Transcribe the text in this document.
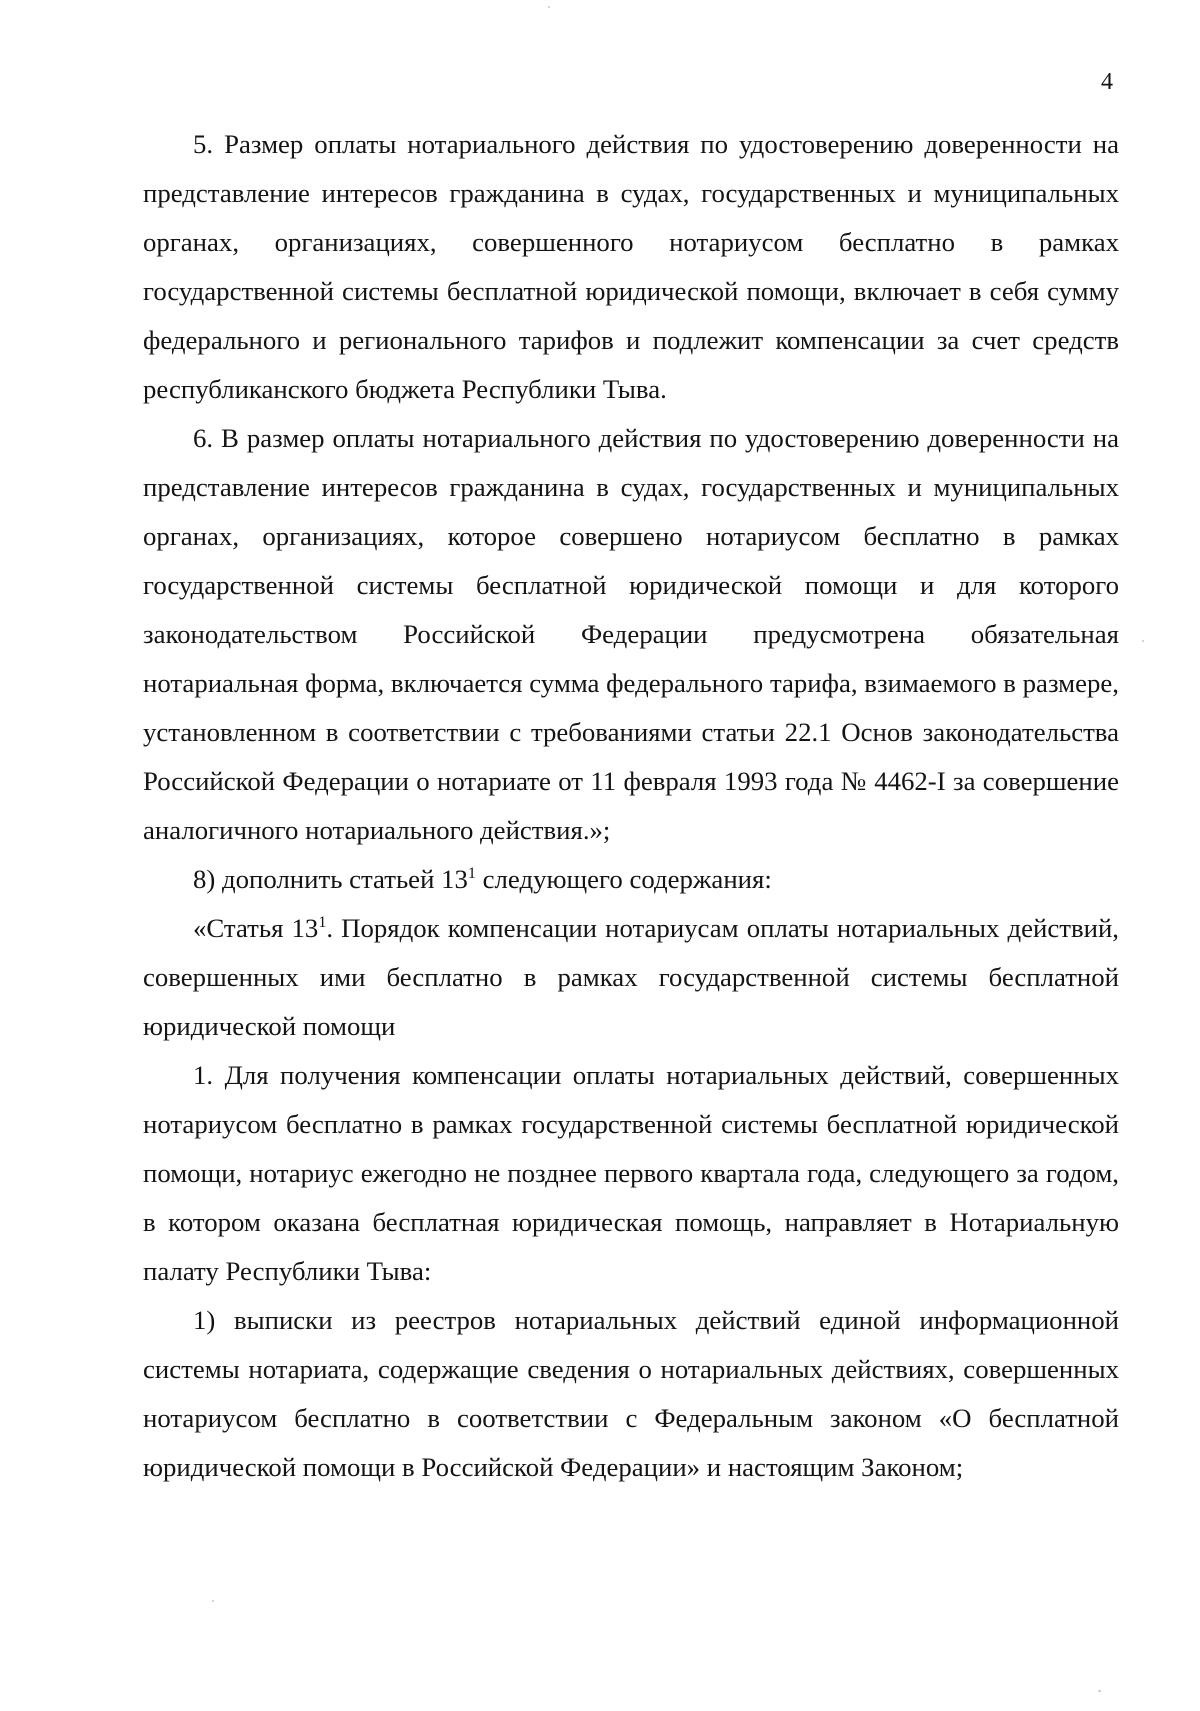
4

5. Размер оплаты нотариального действия по удостоверению доверенности на представление интересов гражданина в судах, государственных и муниципальных органах, организациях, совершенного нотариусом бесплатно в рамках государственной системы бесплатной юридической помощи, включает в себя сумму федерального и регионального тарифов и подлежит компенсации за счет средств республиканского бюджета Республики Тыва.

6. В размер оплаты нотариального действия по удостоверению доверенности на представление интересов гражданина в судах, государственных и муниципальных органах, организациях, которое совершено нотариусом бесплатно в рамках государственной системы бесплатной юридической помощи и для которого законодательством Российской Федерации предусмотрена обязательная нотариальная форма, включается сумма федерального тарифа, взимаемого в размере, установленном в соответствии с требованиями статьи 22.1 Основ законодательства Российской Федерации о нотариате от 11 февраля 1993 года № 4462-I за совершение аналогичного нотариального действия.»;

8) дополнить статьей $13^1$ следующего содержания:

«Статья $13^1$. Порядок компенсации нотариусам оплаты нотариальных действий, совершенных ими бесплатно в рамках государственной системы бесплатной юридической помощи

1. Для получения компенсации оплаты нотариальных действий, совершенных нотариусом бесплатно в рамках государственной системы бесплатной юридической помощи, нотариус ежегодно не позднее первого квартала года, следующего за годом, в котором оказана бесплатная юридическая помощь, направляет в Нотариальную палату Республики Тыва:

1) выписки из реестров нотариальных действий единой информационной системы нотариата, содержащие сведения о нотариальных действиях, совершенных нотариусом бесплатно в соответствии с Федеральным законом «О бесплатной юридической помощи в Российской Федерации» и настоящим Законом;
